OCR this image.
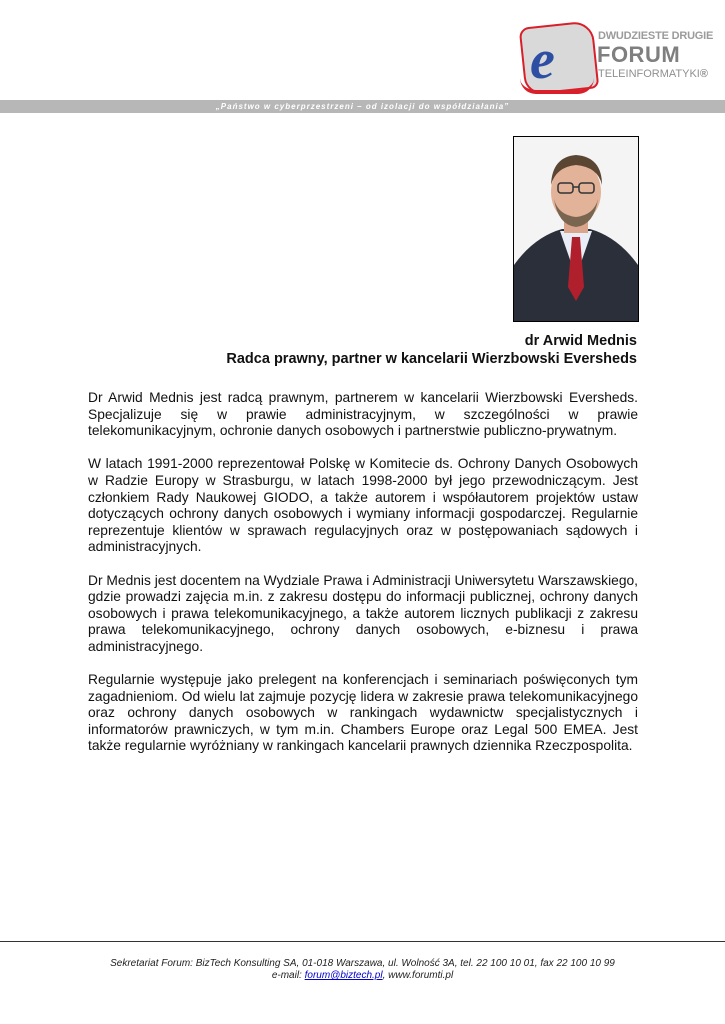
e	DWUDZIESTE DRUGIE
FORUM
TELEINFORMATYKI®
„Państwo w cyberprzestrzeni – od izolacji do współdziałania”
dr Arwid Mednis
Radca prawny, partner w kancelarii Wierzbowski Eversheds

Dr Arwid Mednis jest radcą prawnym, partnerem w kancelarii Wierzbowski Eversheds. Specjalizuje się w prawie administracyjnym, w szczególności w prawie telekomunikacyjnym, ochronie danych osobowych i partnerstwie publiczno-prywatnym.

W latach 1991-2000 reprezentował Polskę w Komitecie ds. Ochrony Danych Osobowych w Radzie Europy w Strasburgu, w latach 1998-2000 był jego przewodniczącym. Jest członkiem Rady Naukowej GIODO, a także autorem i współautorem projektów ustaw dotyczących ochrony danych osobowych i wymiany informacji gospodarczej. Regularnie reprezentuje klientów w sprawach regulacyjnych oraz w postępowaniach sądowych i administracyjnych.

Dr Mednis jest docentem na Wydziale Prawa i Administracji Uniwersytetu Warszawskiego, gdzie prowadzi zajęcia m.in. z zakresu dostępu do informacji publicznej, ochrony danych osobowych i prawa telekomunikacyjnego, a także autorem licznych publikacji z zakresu prawa telekomunikacyjnego, ochrony danych osobowych, e-biznesu i prawa administracyjnego.

Regularnie występuje jako prelegent na konferencjach i seminariach poświęconych tym zagadnieniom. Od wielu lat zajmuje pozycję lidera w zakresie prawa telekomunikacyjnego oraz ochrony danych osobowych w rankingach wydawnictw specjalistycznych i informatorów prawniczych, w tym m.in. Chambers Europe oraz Legal 500 EMEA. Jest także regularnie wyróżniany w rankingach kancelarii prawnych dziennika Rzeczpospolita.

Sekretariat Forum: BizTech Konsulting SA, 01-018 Warszawa, ul. Wolność 3A, tel. 22 100 10 01, fax 22 100 10 99
e-mail: forum@biztech.pl, www.forumti.pl
